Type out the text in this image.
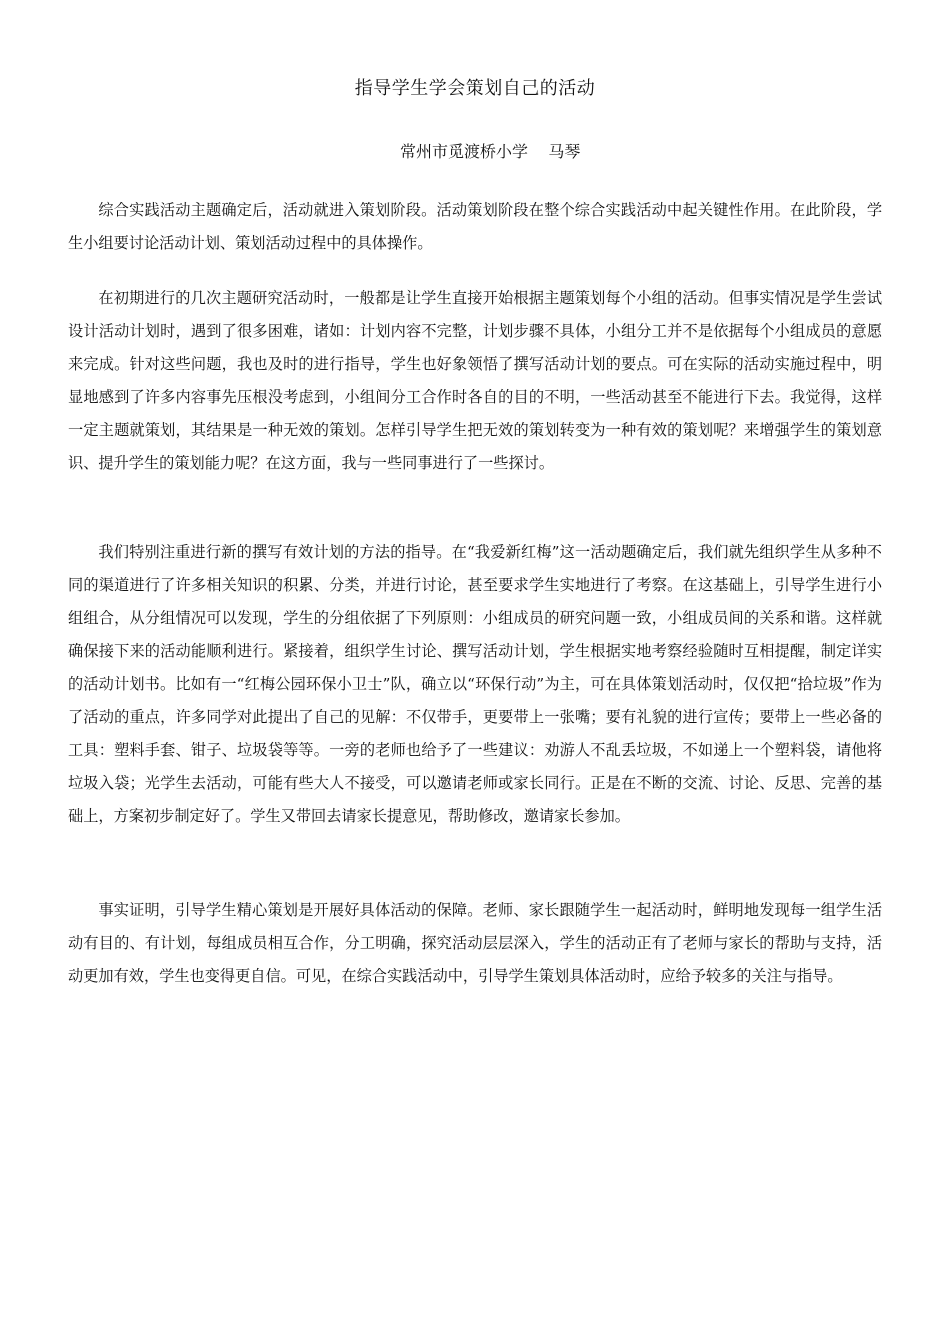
指导学生学会策划自己的活动
常州市觅渡桥小学    马琴

综合实践活动主题确定后，活动就进入策划阶段。活动策划阶段在整个综合实践活动中起关键性作用。在此阶段，学生小组要讨论活动计划、策划活动过程中的具体操作。

在初期进行的几次主题研究活动时，一般都是让学生直接开始根据主题策划每个小组的活动。但事实情况是学生尝试设计活动计划时，遇到了很多困难，诸如：计划内容不完整，计划步骤不具体，小组分工并不是依据每个小组成员的意愿来完成。针对这些问题，我也及时的进行指导，学生也好象领悟了撰写活动计划的要点。可在实际的活动实施过程中，明显地感到了许多内容事先压根没考虑到，小组间分工合作时各自的目的不明，一些活动甚至不能进行下去。我觉得，这样一定主题就策划，其结果是一种无效的策划。怎样引导学生把无效的策划转变为一种有效的策划呢？来增强学生的策划意识、提升学生的策划能力呢？在这方面，我与一些同事进行了一些探讨。

我们特别注重进行新的撰写有效计划的方法的指导。在“我爱新红梅”这一活动题确定后，我们就先组织学生从多种不同的渠道进行了许多相关知识的积累、分类，并进行讨论，甚至要求学生实地进行了考察。在这基础上，引导学生进行小组组合，从分组情况可以发现，学生的分组依据了下列原则：小组成员的研究问题一致，小组成员间的关系和谐。这样就确保接下来的活动能顺利进行。紧接着，组织学生讨论、撰写活动计划，学生根据实地考察经验随时互相提醒，制定详实的活动计划书。比如有一“红梅公园环保小卫士”队，确立以“环保行动”为主，可在具体策划活动时，仅仅把“拾垃圾”作为了活动的重点，许多同学对此提出了自己的见解：不仅带手，更要带上一张嘴；要有礼貌的进行宣传；要带上一些必备的工具：塑料手套、钳子、垃圾袋等等。一旁的老师也给予了一些建议：劝游人不乱丢垃圾，不如递上一个塑料袋，请他将垃圾入袋；光学生去活动，可能有些大人不接受，可以邀请老师或家长同行。正是在不断的交流、讨论、反思、完善的基础上，方案初步制定好了。学生又带回去请家长提意见，帮助修改，邀请家长参加。

事实证明，引导学生精心策划是开展好具体活动的保障。老师、家长跟随学生一起活动时，鲜明地发现每一组学生活动有目的、有计划，每组成员相互合作，分工明确，探究活动层层深入，学生的活动正有了老师与家长的帮助与支持，活动更加有效，学生也变得更自信。可见，在综合实践活动中，引导学生策划具体活动时，应给予较多的关注与指导。
